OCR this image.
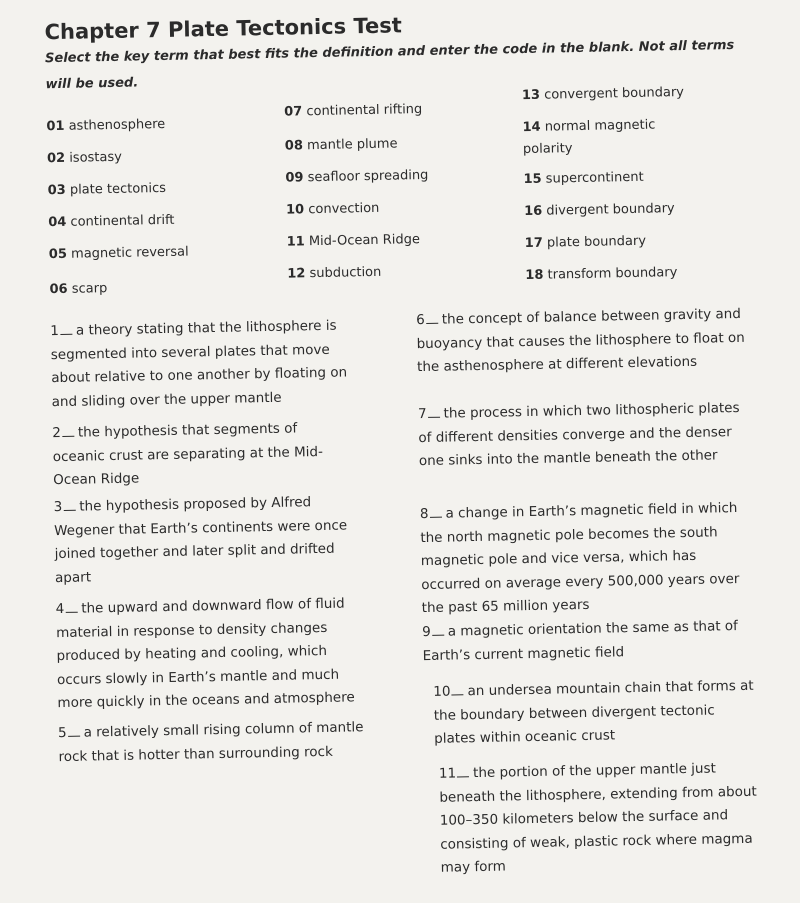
Chapter 7 Plate Tectonics Test
Select the key term that best fits the definition and enter the code in the blank. Not all terms will be used.
01 asthenosphere
02 isostasy
03 plate tectonics
04 continental drift
05 magnetic reversal
06 scarp
07 continental rifting
08 mantle plume
09 seafloor spreading
10 convection
11 Mid-Ocean Ridge
12 subduction
13 convergent boundary
14 normal magnetic polarity
15 supercontinent
16 divergent boundary
17 plate boundary
18 transform boundary
1 a theory stating that the lithosphere is segmented into several plates that move about relative to one another by floating on and sliding over the upper mantle
2 the hypothesis that segments of oceanic crust are separating at the Mid-Ocean Ridge
3 the hypothesis proposed by Alfred Wegener that Earth’s continents were once joined together and later split and drifted apart
4 the upward and downward flow of fluid material in response to density changes produced by heating and cooling, which occurs slowly in Earth’s mantle and much more quickly in the oceans and atmosphere
5 a relatively small rising column of mantle rock that is hotter than surrounding rock
6 the concept of balance between gravity and buoyancy that causes the lithosphere to float on the asthenosphere at different elevations
7 the process in which two lithospheric plates of different densities converge and the denser one sinks into the mantle beneath the other
8 a change in Earth’s magnetic field in which the north magnetic pole becomes the south magnetic pole and vice versa, which has occurred on average every 500,000 years over the past 65 million years
9 a magnetic orientation the same as that of Earth’s current magnetic field
10 an undersea mountain chain that forms at the boundary between divergent tectonic plates within oceanic crust
11 the portion of the upper mantle just beneath the lithosphere, extending from about 100–350 kilometers below the surface and consisting of weak, plastic rock where magma may form
